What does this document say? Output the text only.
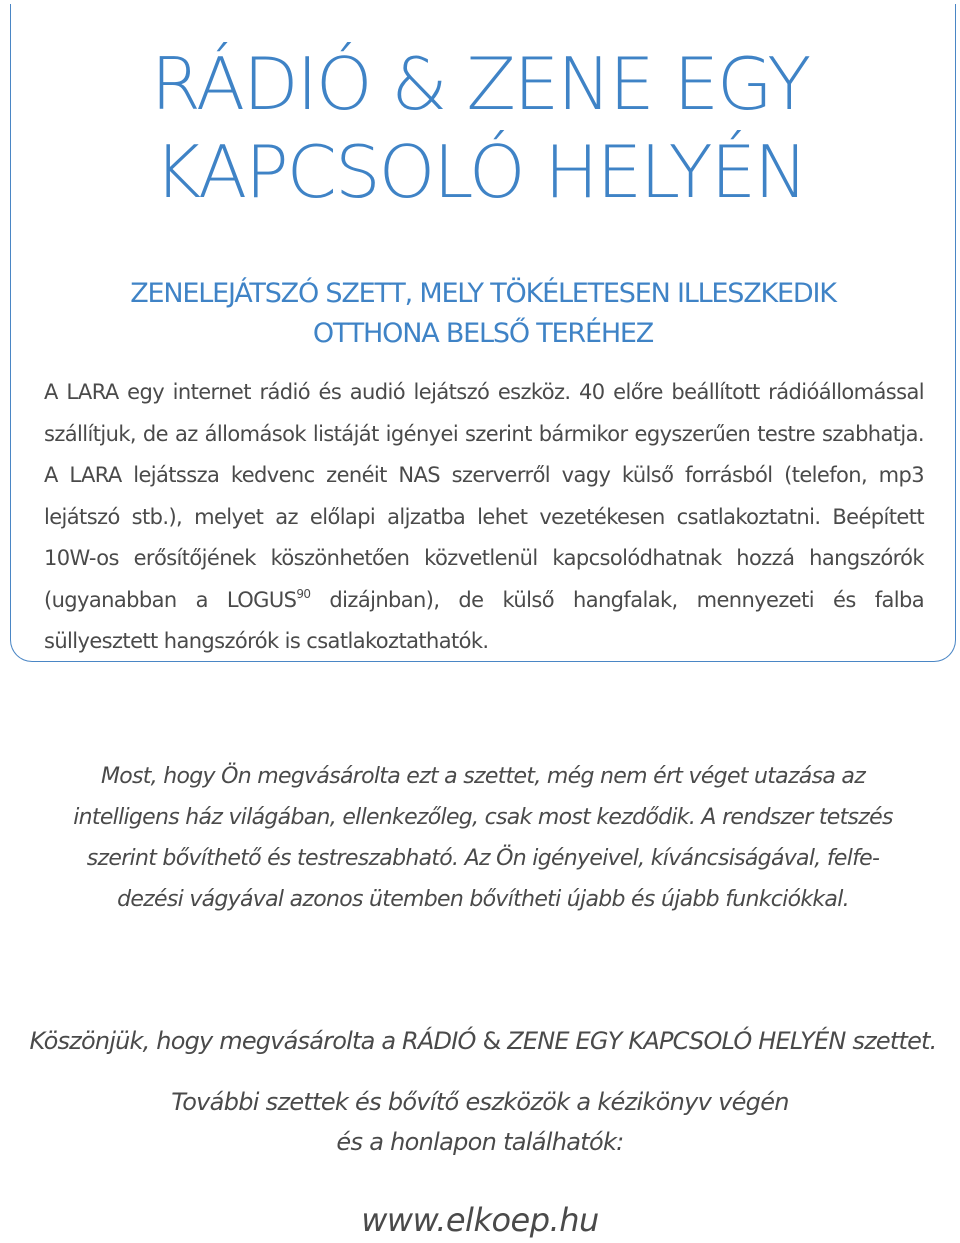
RÁDIÓ & ZENE EGY
KAPCSOLÓ HELYÉN
ZENELEJÁTSZÓ SZETT, MELY TÖKÉLETESEN ILLESZKEDIK
OTTHONA BELSŐ TERÉHEZ

A LARA egy internet rádió és audió lejátszó eszköz. 40 előre beállított rádióállomással szállítjuk, de az állomások listáját igényei szerint bármikor egyszerűen testre szabhatja. A LARA lejátssza kedvenc zenéit NAS szerverről vagy külső forrásból (telefon, mp3 lejátszó stb.), melyet az előlapi aljzatba lehet vezetékesen csatlakoztatni. Beépített 10W-os erősítőjének köszönhetően közvetlenül kapcsolódhatnak hozzá hangszórók (ugyanabban a LOGUS$^{90}$ dizájnban), de külső hangfalak, mennyezeti és falba süllyesztett hangszórók is csatlakoztathatók.

Most, hogy Ön megvásárolta ezt a szettet, még nem ért véget utazása az
intelligens ház világában, ellenkezőleg, csak most kezdődik. A rendszer tetszés
szerint bővíthető és testreszabható. Az Ön igényeivel, kíváncsiságával, felfe-
dezési vágyával azonos ütemben bővítheti újabb és újabb funkciókkal.

Köszönjük, hogy megvásárolta a RÁDIÓ & ZENE EGY KAPCSOLÓ HELYÉN szettet.

További szettek és bővítő eszközök a kézikönyv végén
és a honlapon találhatók:

www.elkoep.hu
